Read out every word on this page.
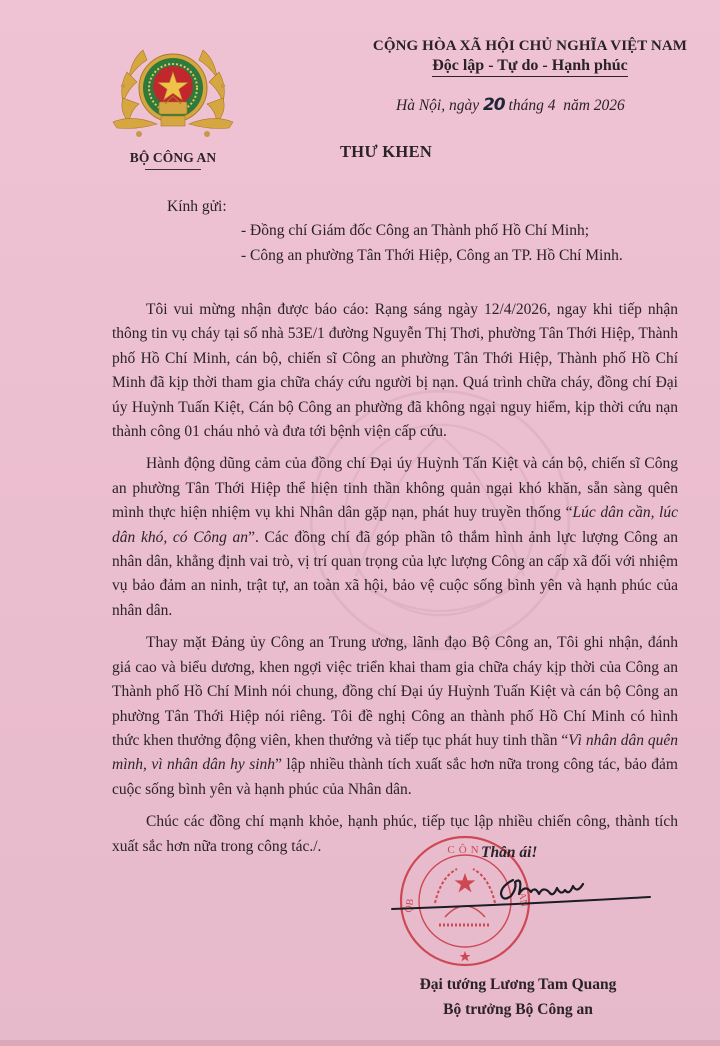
BỘ CÔNG AN
CỘNG HÒA XÃ HỘI CHỦ NGHĨA VIỆT NAM
Độc lập - Tự do - Hạnh phúc
Hà Nội, ngày 20 tháng 4  năm 2026
THƯ KHEN
Kính gửi:
- Đồng chí Giám đốc Công an Thành phố Hồ Chí Minh;
- Công an phường Tân Thới Hiệp, Công an TP. Hồ Chí Minh.

Tôi vui mừng nhận được báo cáo: Rạng sáng ngày 12/4/2026, ngay khi tiếp nhận thông tin vụ cháy tại số nhà 53E/1 đường Nguyễn Thị Thơi, phường Tân Thới Hiệp, Thành phố Hồ Chí Minh, cán bộ, chiến sĩ Công an phường Tân Thới Hiệp, Thành phố Hồ Chí Minh đã kịp thời tham gia chữa cháy cứu người bị nạn. Quá trình chữa cháy, đồng chí Đại úy Huỳnh Tuấn Kiệt, Cán bộ Công an phường đã không ngại nguy hiểm, kịp thời cứu nạn thành công 01 cháu nhỏ và đưa tới bệnh viện cấp cứu.

Hành động dũng cảm của đồng chí Đại úy Huỳnh Tấn Kiệt và cán bộ, chiến sĩ Công an phường Tân Thới Hiệp thể hiện tinh thần không quản ngại khó khăn, sẵn sàng quên mình thực hiện nhiệm vụ khi Nhân dân gặp nạn, phát huy truyền thống “Lúc dân cần, lúc dân khó, có Công an”. Các đồng chí đã góp phần tô thắm hình ảnh lực lượng Công an nhân dân, khẳng định vai trò, vị trí quan trọng của lực lượng Công an cấp xã đối với nhiệm vụ bảo đảm an ninh, trật tự, an toàn xã hội, bảo vệ cuộc sống bình yên và hạnh phúc của nhân dân.

Thay mặt Đảng ủy Công an Trung ương, lãnh đạo Bộ Công an, Tôi ghi nhận, đánh giá cao và biểu dương, khen ngợi việc triển khai tham gia chữa cháy kịp thời của Công an Thành phố Hồ Chí Minh nói chung, đồng chí Đại úy Huỳnh Tuấn Kiệt và cán bộ Công an phường Tân Thới Hiệp nói riêng. Tôi đề nghị Công an thành phố Hồ Chí Minh có hình thức khen thưởng động viên, khen thưởng và tiếp tục phát huy tinh thần “Vì nhân dân quên mình, vì nhân dân hy sinh” lập nhiều thành tích xuất sắc hơn nữa trong công tác, bảo đảm cuộc sống bình yên và hạnh phúc của Nhân dân.

Chúc các đồng chí mạnh khỏe, hạnh phúc, tiếp tục lập nhiều chiến công, thành tích xuất sắc hơn nữa trong công tác./.	CÔN
ỘB	AN
Thân ái!
Đại tướng Lương Tam Quang
Bộ trưởng Bộ Công an
